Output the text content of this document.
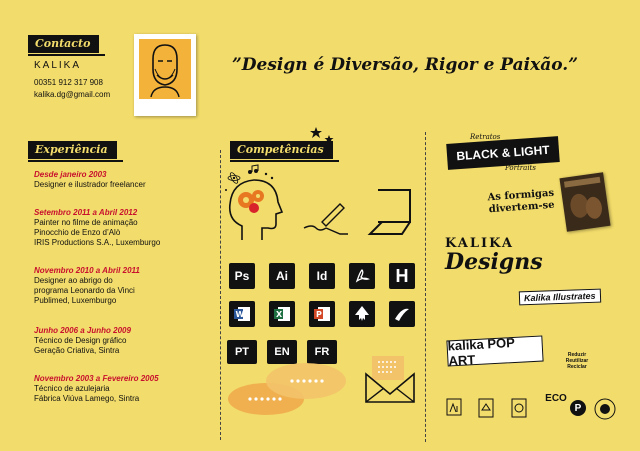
Contacto
KALIKA
00351 912 317 908
kalika.dg@gmail.com
”Design é Diversão, Rigor e Paixão.”
Experiência
Desde janeiro 2003
Designer e ilustrador freelancer
Setembro 2011 a Abril 2012
Painter no filme de animação
Pinocchio de Enzo d’Alò
IRIS Productions S.A., Luxemburgo
Novembro 2010 a Abril 2011
Designer ao abrigo do
programa Leonardo da Vinci
Publimed, Luxemburgo
Junho 2006 a Junho 2009
Técnico de Design gráfico
Geração Criativa, Sintra
Novembro 2003 a Fevereiro 2005
Técnico de azulejaria
Fábrica Viúva Lamego, Sintra
Competências
Ps	Ai	Id	H
W	X	P
PT	EN	FR
Retratos
BLACK & LIGHT
Portraits
As formigas
divertem-se
KALIKA
Designs
Kalika Illustrates
kalika POP ART	Reduzir Reutilizar Reciclar
ECO
P
